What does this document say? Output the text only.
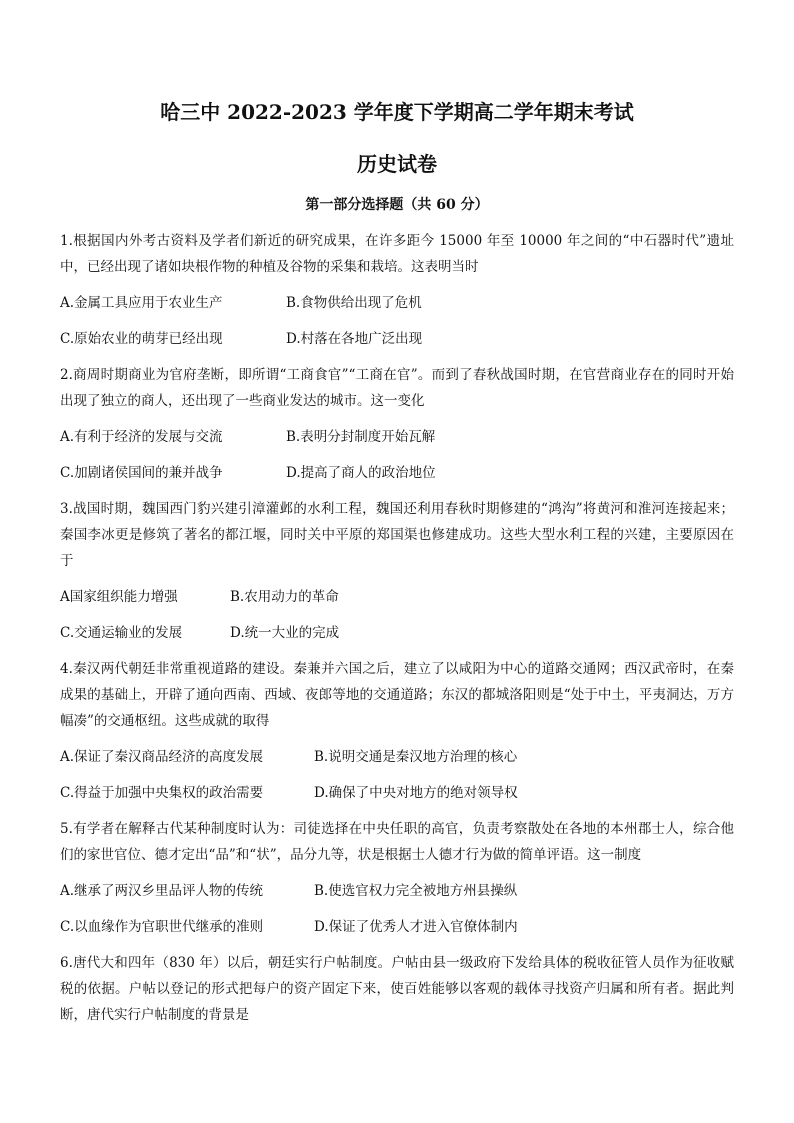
哈三中 2022-2023 学年度下学期高二学年期末考试
历史试卷
第一部分选择题（共 60 分）

1.根据国内外考古资料及学者们新近的研究成果，在许多距今 15000 年至 10000 年之间的“中石器时代”遗址中，已经出现了诸如块根作物的种植及谷物的采集和栽培。这表明当时

A.金属工具应用于农业生产	B.食物供给出现了危机
C.原始农业的萌芽已经出现	D.村落在各地广泛出现

2.商周时期商业为官府垄断，即所谓“工商食官”“工商在官”。而到了春秋战国时期，在官营商业存在的同时开始出现了独立的商人，还出现了一些商业发达的城市。这一变化

A.有利于经济的发展与交流	B.表明分封制度开始瓦解
C.加剧诸侯国间的兼并战争	D.提高了商人的政治地位

3.战国时期，魏国西门豹兴建引漳灌邺的水利工程，魏国还利用春秋时期修建的“鸿沟”将黄河和淮河连接起来；秦国李冰更是修筑了著名的都江堰，同时关中平原的郑国渠也修建成功。这些大型水利工程的兴建，主要原因在于

A国家组织能力增强	B.农用动力的革命
C.交通运输业的发展	D.统一大业的完成

4.秦汉两代朝廷非常重视道路的建设。秦兼并六国之后，建立了以咸阳为中心的道路交通网；西汉武帝时，在秦成果的基础上，开辟了通向西南、西域、夜郎等地的交通道路；东汉的都城洛阳则是“处于中土，平夷洞达，万方幅凑”的交通枢纽。这些成就的取得

A.保证了秦汉商品经济的高度发展	B.说明交通是秦汉地方治理的核心
C.得益于加强中央集权的政治需要	D.确保了中央对地方的绝对领导权

5.有学者在解释古代某种制度时认为：司徒选择在中央任职的高官，负责考察散处在各地的本州郡士人，综合他们的家世官位、德才定出“品”和“状”，品分九等，状是根据士人德才行为做的简单评语。这一制度

A.继承了两汉乡里品评人物的传统	B.使选官权力完全被地方州县操纵
C.以血缘作为官职世代继承的准则	D.保证了优秀人才进入官僚体制内

6.唐代大和四年（830 年）以后，朝廷实行户帖制度。户帖由县一级政府下发给具体的税收征管人员作为征收赋税的依据。户帖以登记的形式把每户的资产固定下来，使百姓能够以客观的载体寻找资产归属和所有者。据此判断，唐代实行户帖制度的背景是
